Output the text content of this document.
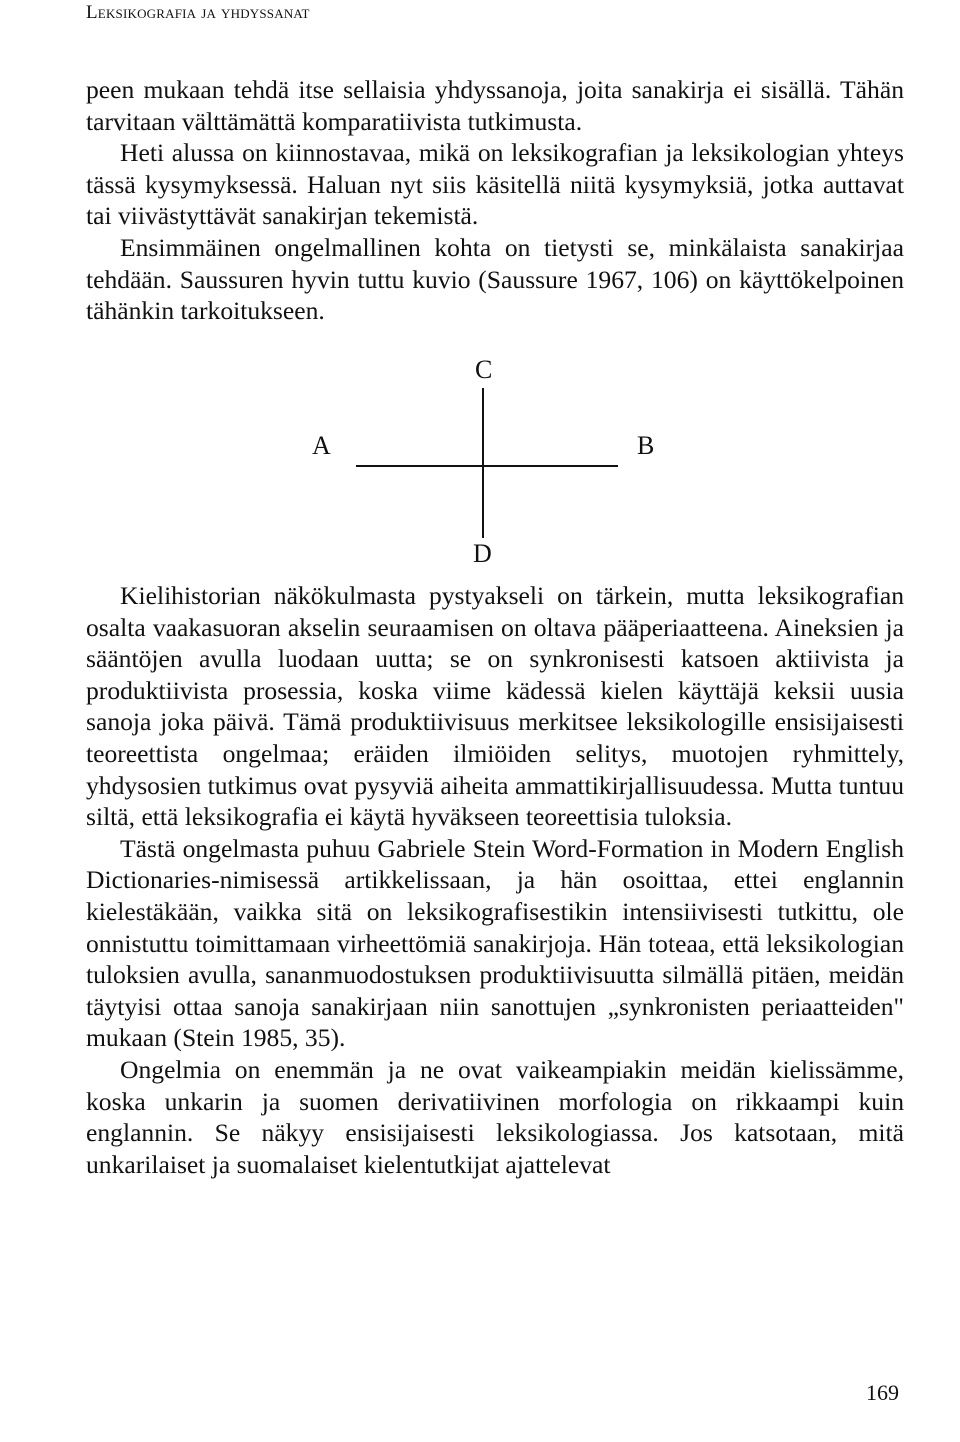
Leksikografia ja yhdyssanat

peen mukaan tehdä itse sellaisia yhdyssanoja, joita sanakirja ei sisällä. Tähän tarvitaan välttämättä komparatiivista tutkimusta.

Heti alussa on kiinnostavaa, mikä on leksikografian ja leksikologian yhteys tässä kysymyksessä. Haluan nyt siis käsitellä niitä kysymyksiä, jotka auttavat tai viivästyttävät sanakirjan tekemistä.

Ensimmäinen ongelmallinen kohta on tietysti se, minkälaista sanakirjaa tehdään. Saussuren hyvin tuttu kuvio (Saussure 1967, 106) on käyttökelpoinen tähänkin tarkoitukseen.

C
A	B
D

Kielihistorian näkökulmasta pystyakseli on tärkein, mutta leksikografian osalta vaakasuoran akselin seuraamisen on oltava pääperiaatteena. Aineksien ja sääntöjen avulla luodaan uutta; se on synkronisesti katsoen aktiivista ja produktiivista prosessia, koska viime kädessä kielen käyttäjä keksii uusia sanoja joka päivä. Tämä produktiivisuus merkitsee leksikologille ensisijaisesti teoreettista ongelmaa; eräiden ilmiöiden selitys, muotojen ryhmittely, yhdysosien tutkimus ovat pysyviä aiheita ammattikirjallisuudessa. Mutta tuntuu siltä, että leksikografia ei käytä hyväkseen teoreettisia tuloksia.

Tästä ongelmasta puhuu Gabriele Stein Word-Formation in Modern English Dictionaries-nimisessä artikkelissaan, ja hän osoittaa, ettei englannin kielestäkään, vaikka sitä on leksikografisestikin intensiivisesti tutkittu, ole onnistuttu toimittamaan virheettömiä sanakirjoja. Hän toteaa, että leksikologian tuloksien avulla, sananmuodostuksen produktiivisuutta silmällä pitäen, meidän täytyisi ottaa sanoja sanakirjaan niin sanottujen „synkronisten periaatteiden" mukaan (Stein 1985, 35).

Ongelmia on enemmän ja ne ovat vaikeampiakin meidän kielissämme, koska unkarin ja suomen derivatiivinen morfologia on rikkaampi kuin englannin. Se näkyy ensisijaisesti leksikologiassa. Jos katsotaan, mitä unkarilaiset ja suomalaiset kielentutkijat ajattelevat

169
